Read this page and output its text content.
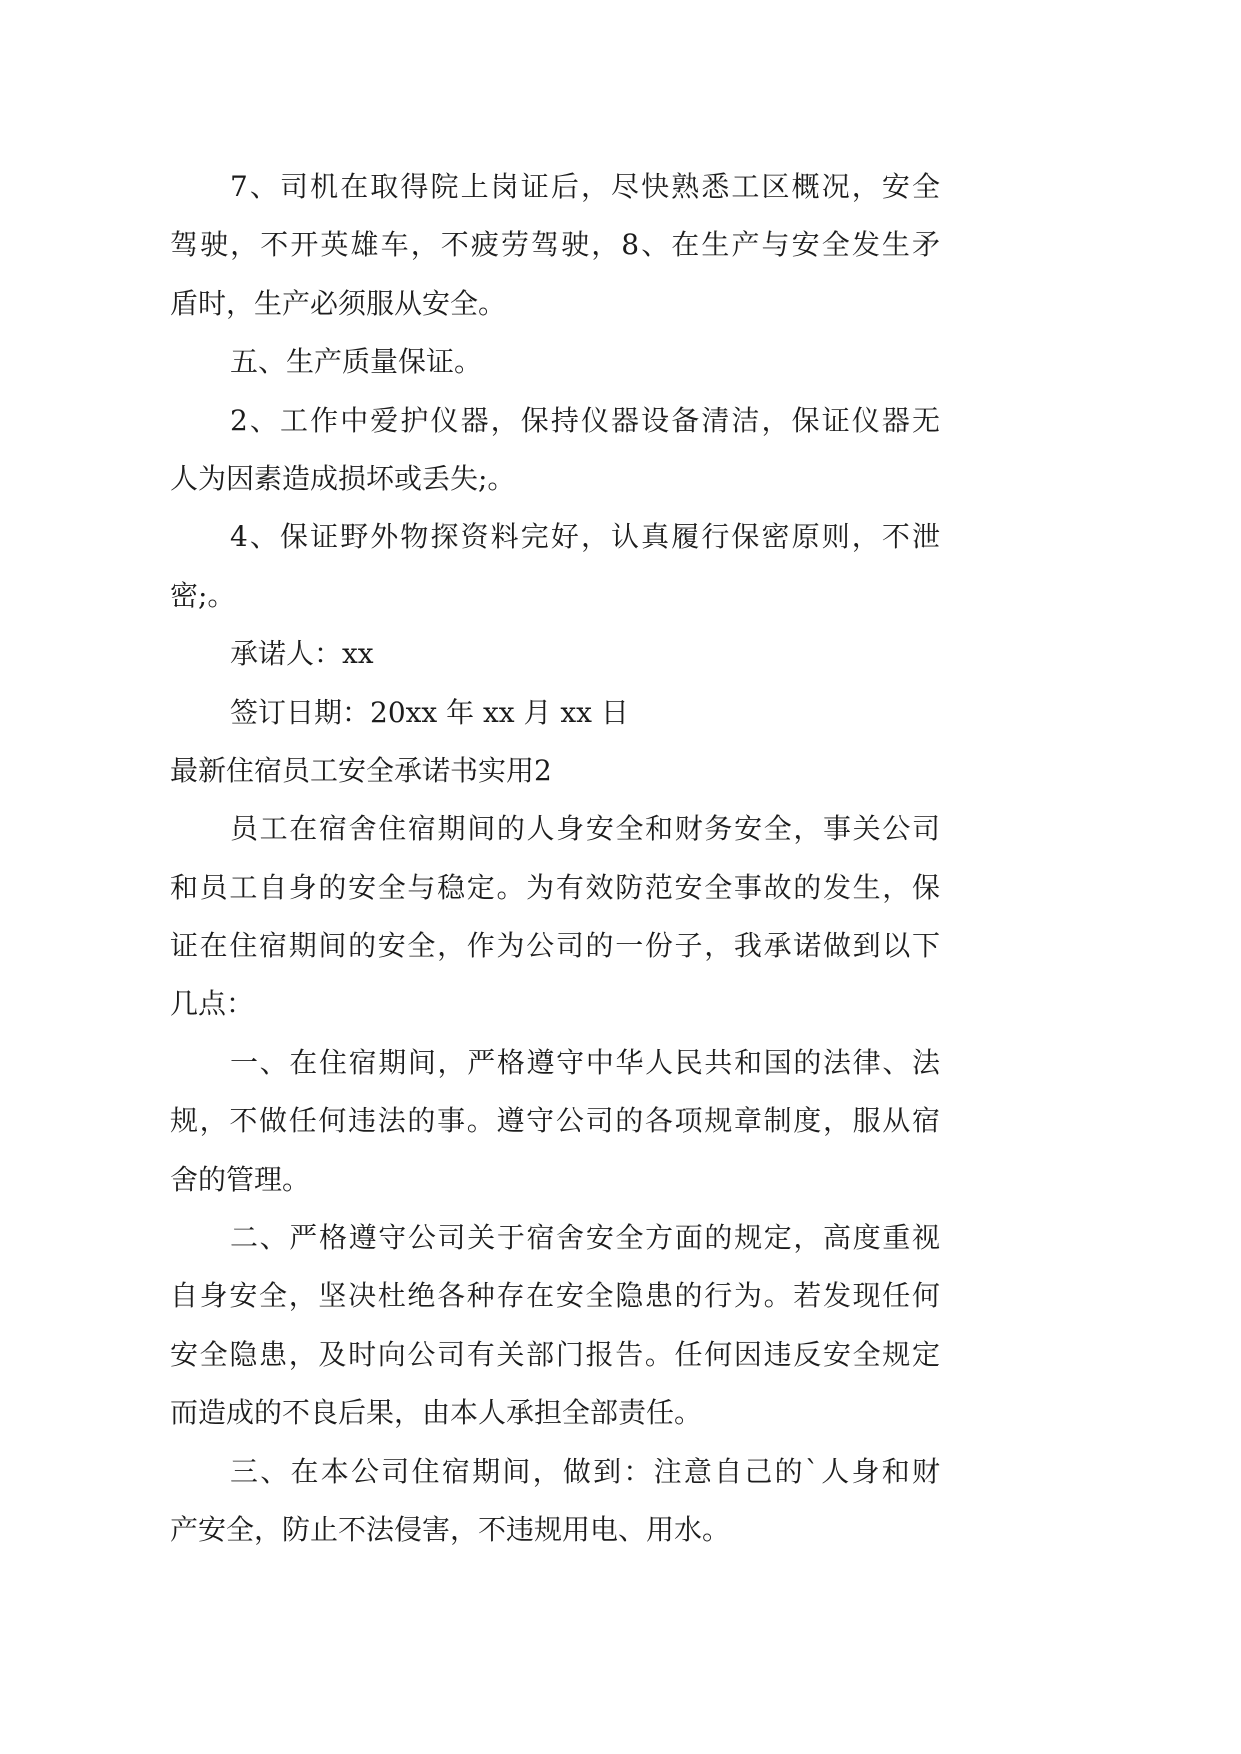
7、司机在取得院上岗证后，尽快熟悉工区概况，安全
驾驶，不开英雄车，不疲劳驾驶，8、在生产与安全发生矛
盾时，生产必须服从安全。
五、生产质量保证。
2、工作中爱护仪器，保持仪器设备清洁，保证仪器无
人为因素造成损坏或丢失;。
4、保证野外物探资料完好，认真履行保密原则，不泄
密;。
承诺人：xx
签订日期：20xx 年 xx 月 xx 日
最新住宿员工安全承诺书实用2
员工在宿舍住宿期间的人身安全和财务安全，事关公司
和员工自身的安全与稳定。为有效防范安全事故的发生，保
证在住宿期间的安全，作为公司的一份子，我承诺做到以下
几点：
一、在住宿期间，严格遵守中华人民共和国的法律、法
规，不做任何违法的事。遵守公司的各项规章制度，服从宿
舍的管理。
二、严格遵守公司关于宿舍安全方面的规定，高度重视
自身安全，坚决杜绝各种存在安全隐患的行为。若发现任何
安全隐患，及时向公司有关部门报告。任何因违反安全规定
而造成的不良后果，由本人承担全部责任。
三、在本公司住宿期间，做到：注意自己的`人身和财
产安全，防止不法侵害，不违规用电、用水。
